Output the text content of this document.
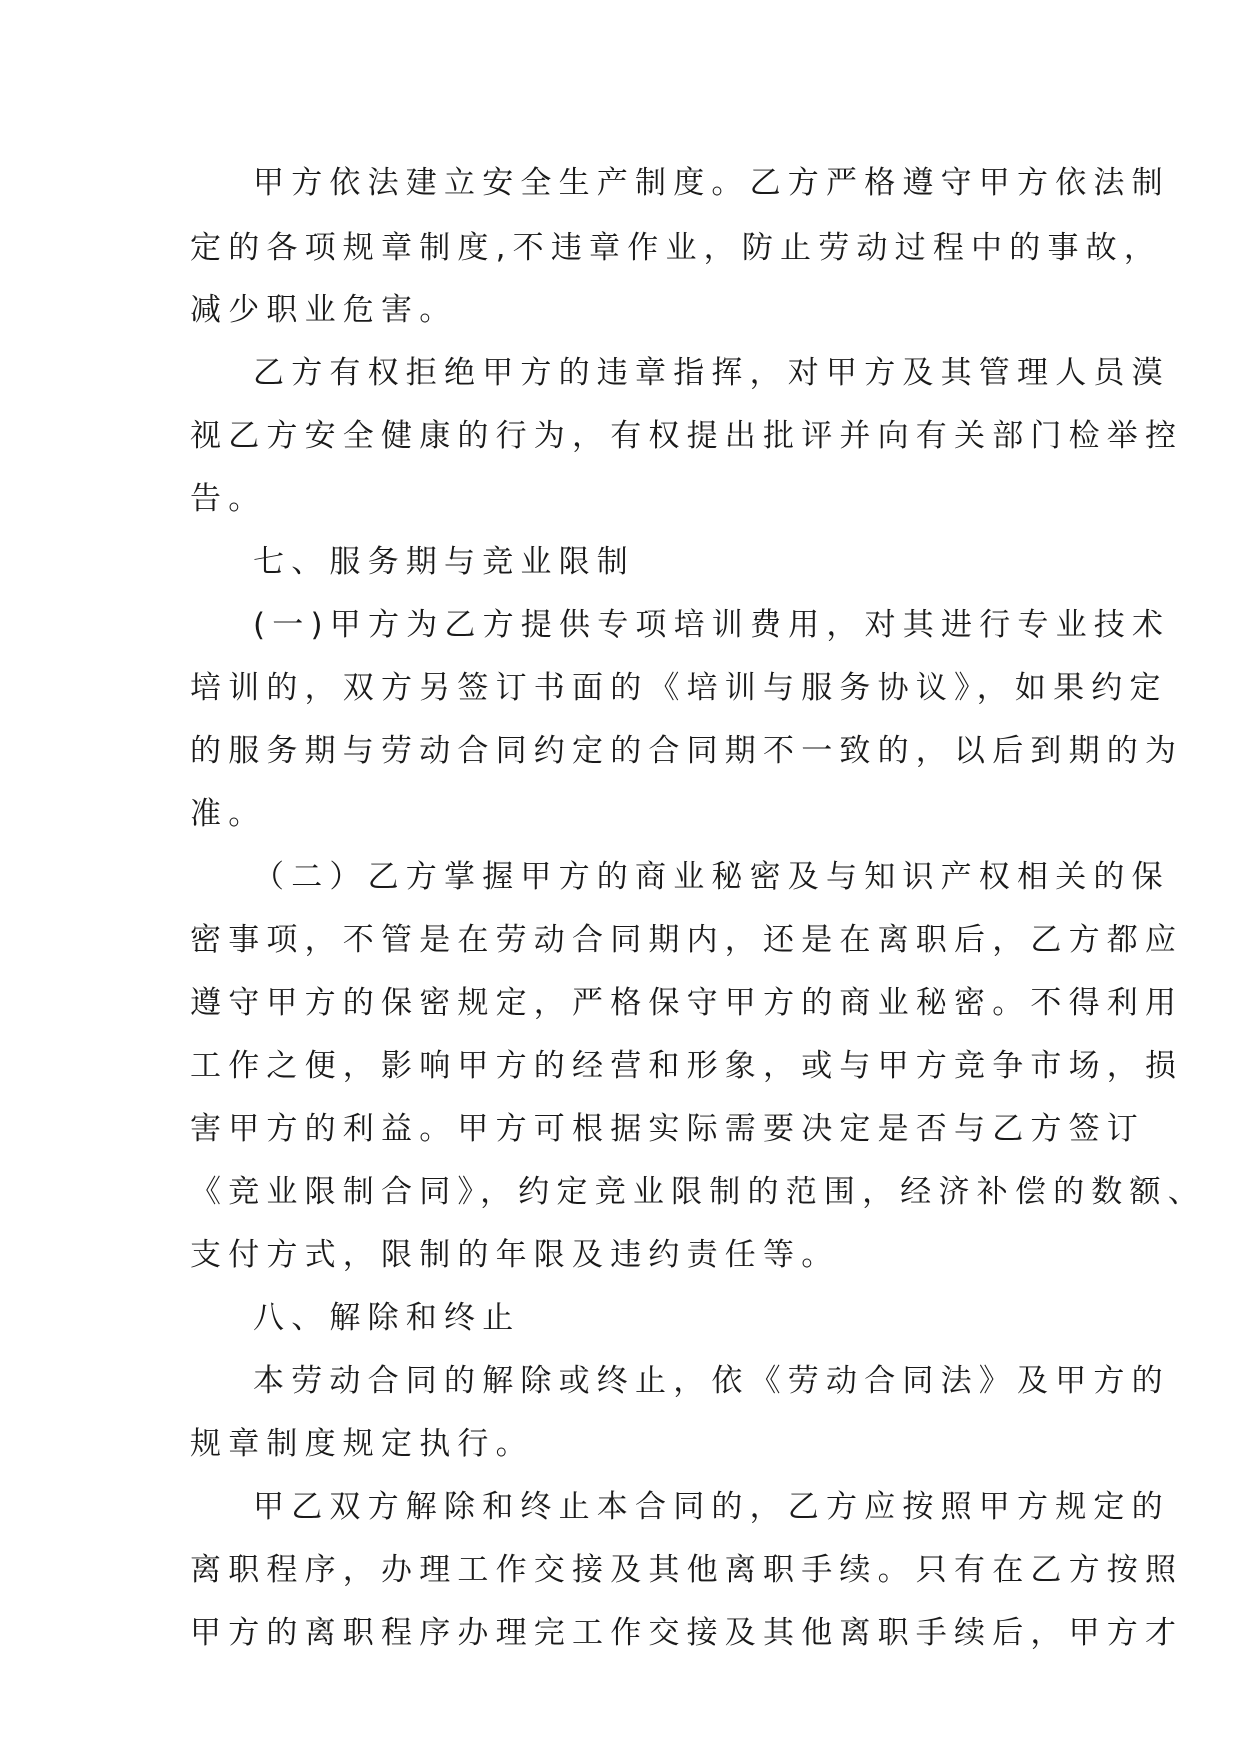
甲方依法建立安全生产制度。乙方严格遵守甲方依法制
定的各项规章制度,不违章作业，防止劳动过程中的事故，
减少职业危害。
乙方有权拒绝甲方的违章指挥，对甲方及其管理人员漠
视乙方安全健康的行为，有权提出批评并向有关部门检举控
告。
七、服务期与竞业限制
(一)甲方为乙方提供专项培训费用，对其进行专业技术
培训的，双方另签订书面的《培训与服务协议》，如果约定
的服务期与劳动合同约定的合同期不一致的，以后到期的为
准。
（二）乙方掌握甲方的商业秘密及与知识产权相关的保
密事项，不管是在劳动合同期内，还是在离职后，乙方都应
遵守甲方的保密规定，严格保守甲方的商业秘密。不得利用
工作之便，影响甲方的经营和形象，或与甲方竞争市场，损
害甲方的利益。甲方可根据实际需要决定是否与乙方签订
《竞业限制合同》，约定竞业限制的范围，经济补偿的数额、
支付方式，限制的年限及违约责任等。
八、解除和终止
本劳动合同的解除或终止，依《劳动合同法》及甲方的
规章制度规定执行。
甲乙双方解除和终止本合同的，乙方应按照甲方规定的
离职程序，办理工作交接及其他离职手续。只有在乙方按照
甲方的离职程序办理完工作交接及其他离职手续后，甲方才
